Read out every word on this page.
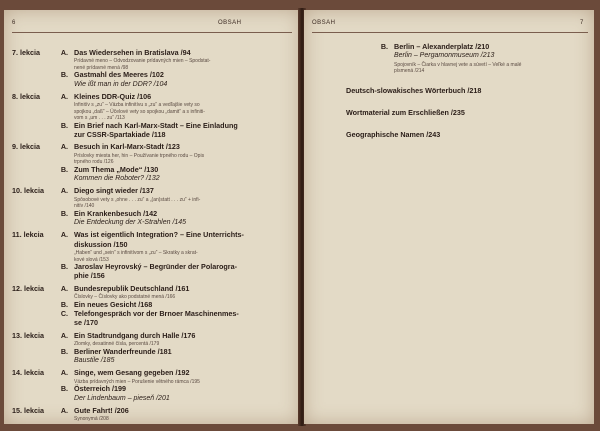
6	OBSAH
7. lekcia	A. Das Wiedersehen in Bratislava /94
Prídavné meno – Odvodzovanie prídavných mien – Spodstat-
nené prídavné mená /98
B. Gastmahl des Meeres /102
Wie ißt man in der DDR? /104
8. lekcia	A. Kleines DDR-Quiz /106
Infinitív s „zu“ – Väzba infinitívu s „zu“ a vedľajšie vety so
spojkou „daß“ – Účelové vety so spojkou „damit“ a s infiniti-
vom s „um . . . zu“ /113
B. Ein Brief nach Karl-Marx-Stadt – Eine Einladung
zur CSSR-Spartakiade /118
9. lekcia	A. Besuch in Karl-Marx-Stadt /123
Príslovky miesta her, hin – Používanie trpného rodu – Opis
trpného rodu /126
B. Zum Thema „Mode“ /130
Kommen die Roboter? /132
10. lekcia	A. Diego singt wieder /137
Spôsobové vety s „ohne . . . zu“ a „(an)statt . . . zu“ + infi-
nitív /140
B. Ein Krankenbesuch /142
Die Entdeckung der X-Strahlen /145
11. lekcia	A. Was ist eigentlich Integration? – Eine Unterrichts-
diskussion /150
„Haben“ und „sein“ s infinitívom s „zu“ – Skratky a skrat-
kové slová /153
B. Jaroslav Heyrovský – Begründer der Polarogra-
phie /156
12. lekcia	A. Bundesrepublik Deutschland /161
Číslovky – Číslovky ako podstatné mená /166
B. Ein neues Gesicht /168
C. Telefongespräch vor der Brnoer Maschinenmes-
se /170
13. lekcia	A. Ein Stadtrundgang durch Halle /176
Zlomky, desatinné čísla, percentá /179
B. Berliner Wanderfreunde /181
Baustile /185
14. lekcia	A. Singe, wem Gesang gegeben /192
Väzba prídavných mien – Porušenie větného rámca /195
B. Österreich /199
Der Lindenbaum – pieseň /201
15. lekcia	A. Gute Fahrt! /206
Synonymá /208
OBSAH	7
B. Berlin – Alexanderplatz /210
Berlin – Pergamonmuseum /213
Spojovník – Čiarka v hlavnej vete a súvetí – Veľké a malé
písmená /214
Deutsch-slowakisches Wörterbuch /218
Wortmaterial zum Erschließen /235
Geographische Namen /243
